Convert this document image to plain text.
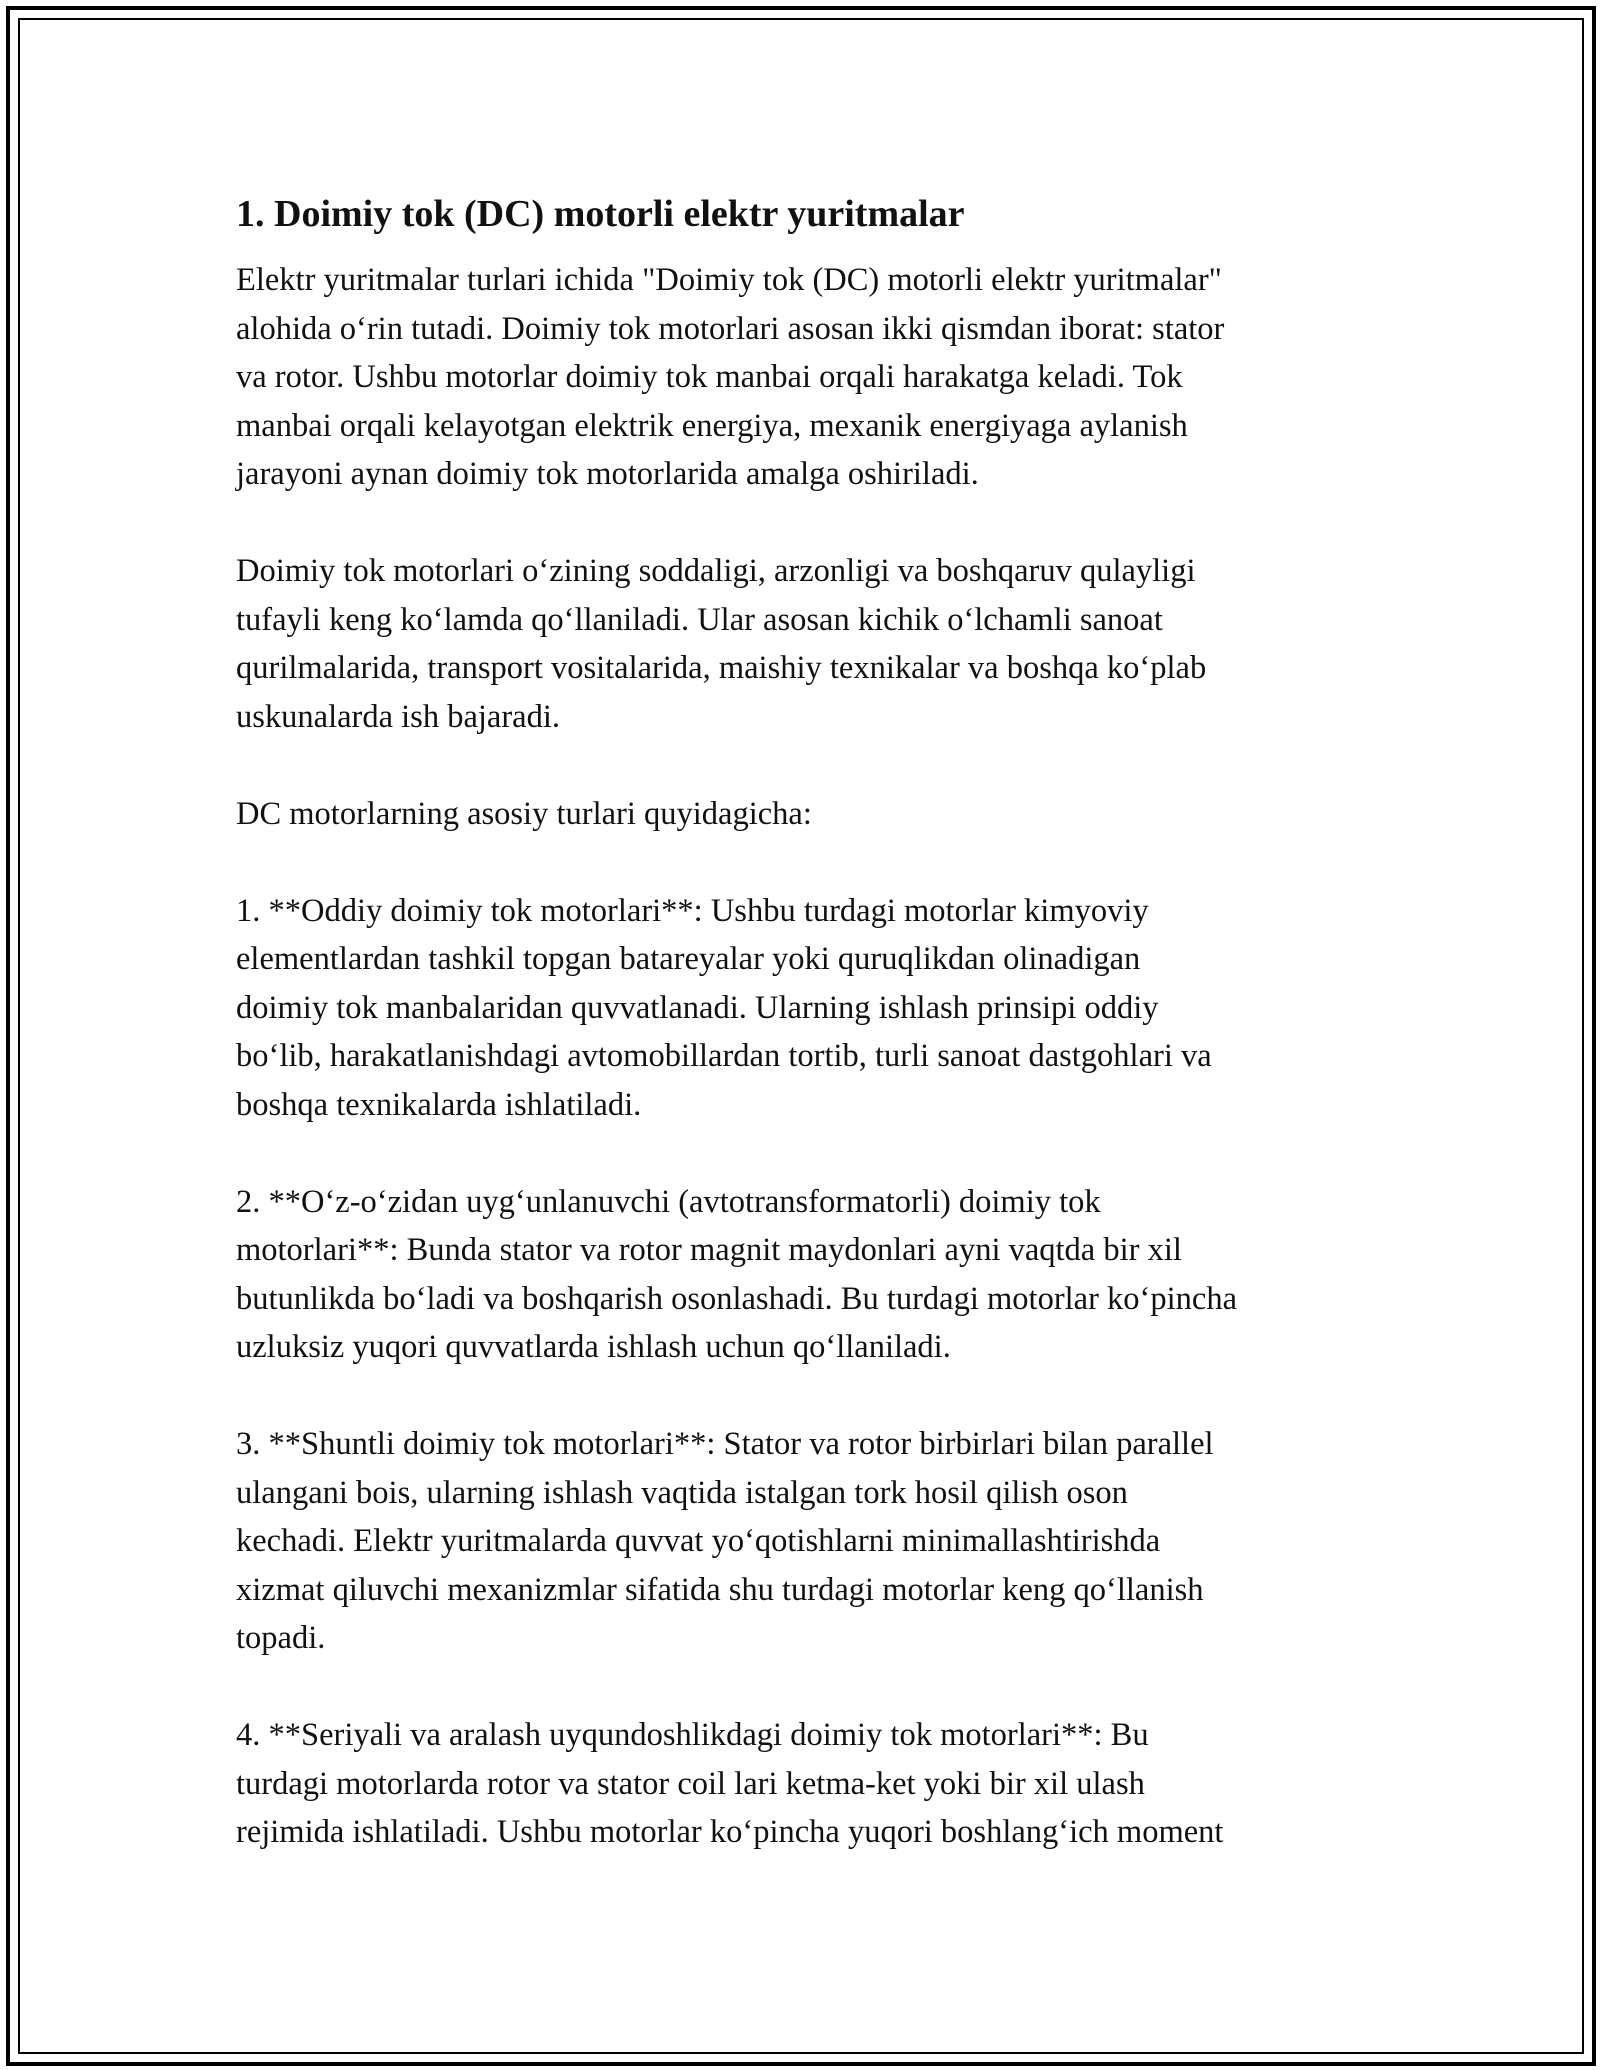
1. Doimiy tok (DC) motorli elektr yuritmalar

Elektr yuritmalar turlari ichida "Doimiy tok (DC) motorli elektr yuritmalar"
alohida o‘rin tutadi. Doimiy tok motorlari asosan ikki qismdan iborat: stator
va rotor. Ushbu motorlar doimiy tok manbai orqali harakatga keladi. Tok
manbai orqali kelayotgan elektrik energiya, mexanik energiyaga aylanish
jarayoni aynan doimiy tok motorlarida amalga oshiriladi.

Doimiy tok motorlari o‘zining soddaligi, arzonligi va boshqaruv qulayligi
tufayli keng ko‘lamda qo‘llaniladi. Ular asosan kichik o‘lchamli sanoat
qurilmalarida, transport vositalarida, maishiy texnikalar va boshqa ko‘plab
uskunalarda ish bajaradi.

DC motorlarning asosiy turlari quyidagicha:

1. **Oddiy doimiy tok motorlari**: Ushbu turdagi motorlar kimyoviy
elementlardan tashkil topgan batareyalar yoki quruqlikdan olinadigan
doimiy tok manbalaridan quvvatlanadi. Ularning ishlash prinsipi oddiy
bo‘lib, harakatlanishdagi avtomobillardan tortib, turli sanoat dastgohlari va
boshqa texnikalarda ishlatiladi.

2. **O‘z-o‘zidan uyg‘unlanuvchi (avtotransformatorli) doimiy tok
motorlari**: Bunda stator va rotor magnit maydonlari ayni vaqtda bir xil
butunlikda bo‘ladi va boshqarish osonlashadi. Bu turdagi motorlar ko‘pincha
uzluksiz yuqori quvvatlarda ishlash uchun qo‘llaniladi.

3. **Shuntli doimiy tok motorlari**: Stator va rotor birbirlari bilan parallel
ulangani bois, ularning ishlash vaqtida istalgan tork hosil qilish oson
kechadi. Elektr yuritmalarda quvvat yo‘qotishlarni minimallashtirishda
xizmat qiluvchi mexanizmlar sifatida shu turdagi motorlar keng qo‘llanish
topadi.

4. **Seriyali va aralash uyqundoshlikdagi doimiy tok motorlari**: Bu
turdagi motorlarda rotor va stator coil lari ketma-ket yoki bir xil ulash
rejimida ishlatiladi. Ushbu motorlar ko‘pincha yuqori boshlang‘ich moment
